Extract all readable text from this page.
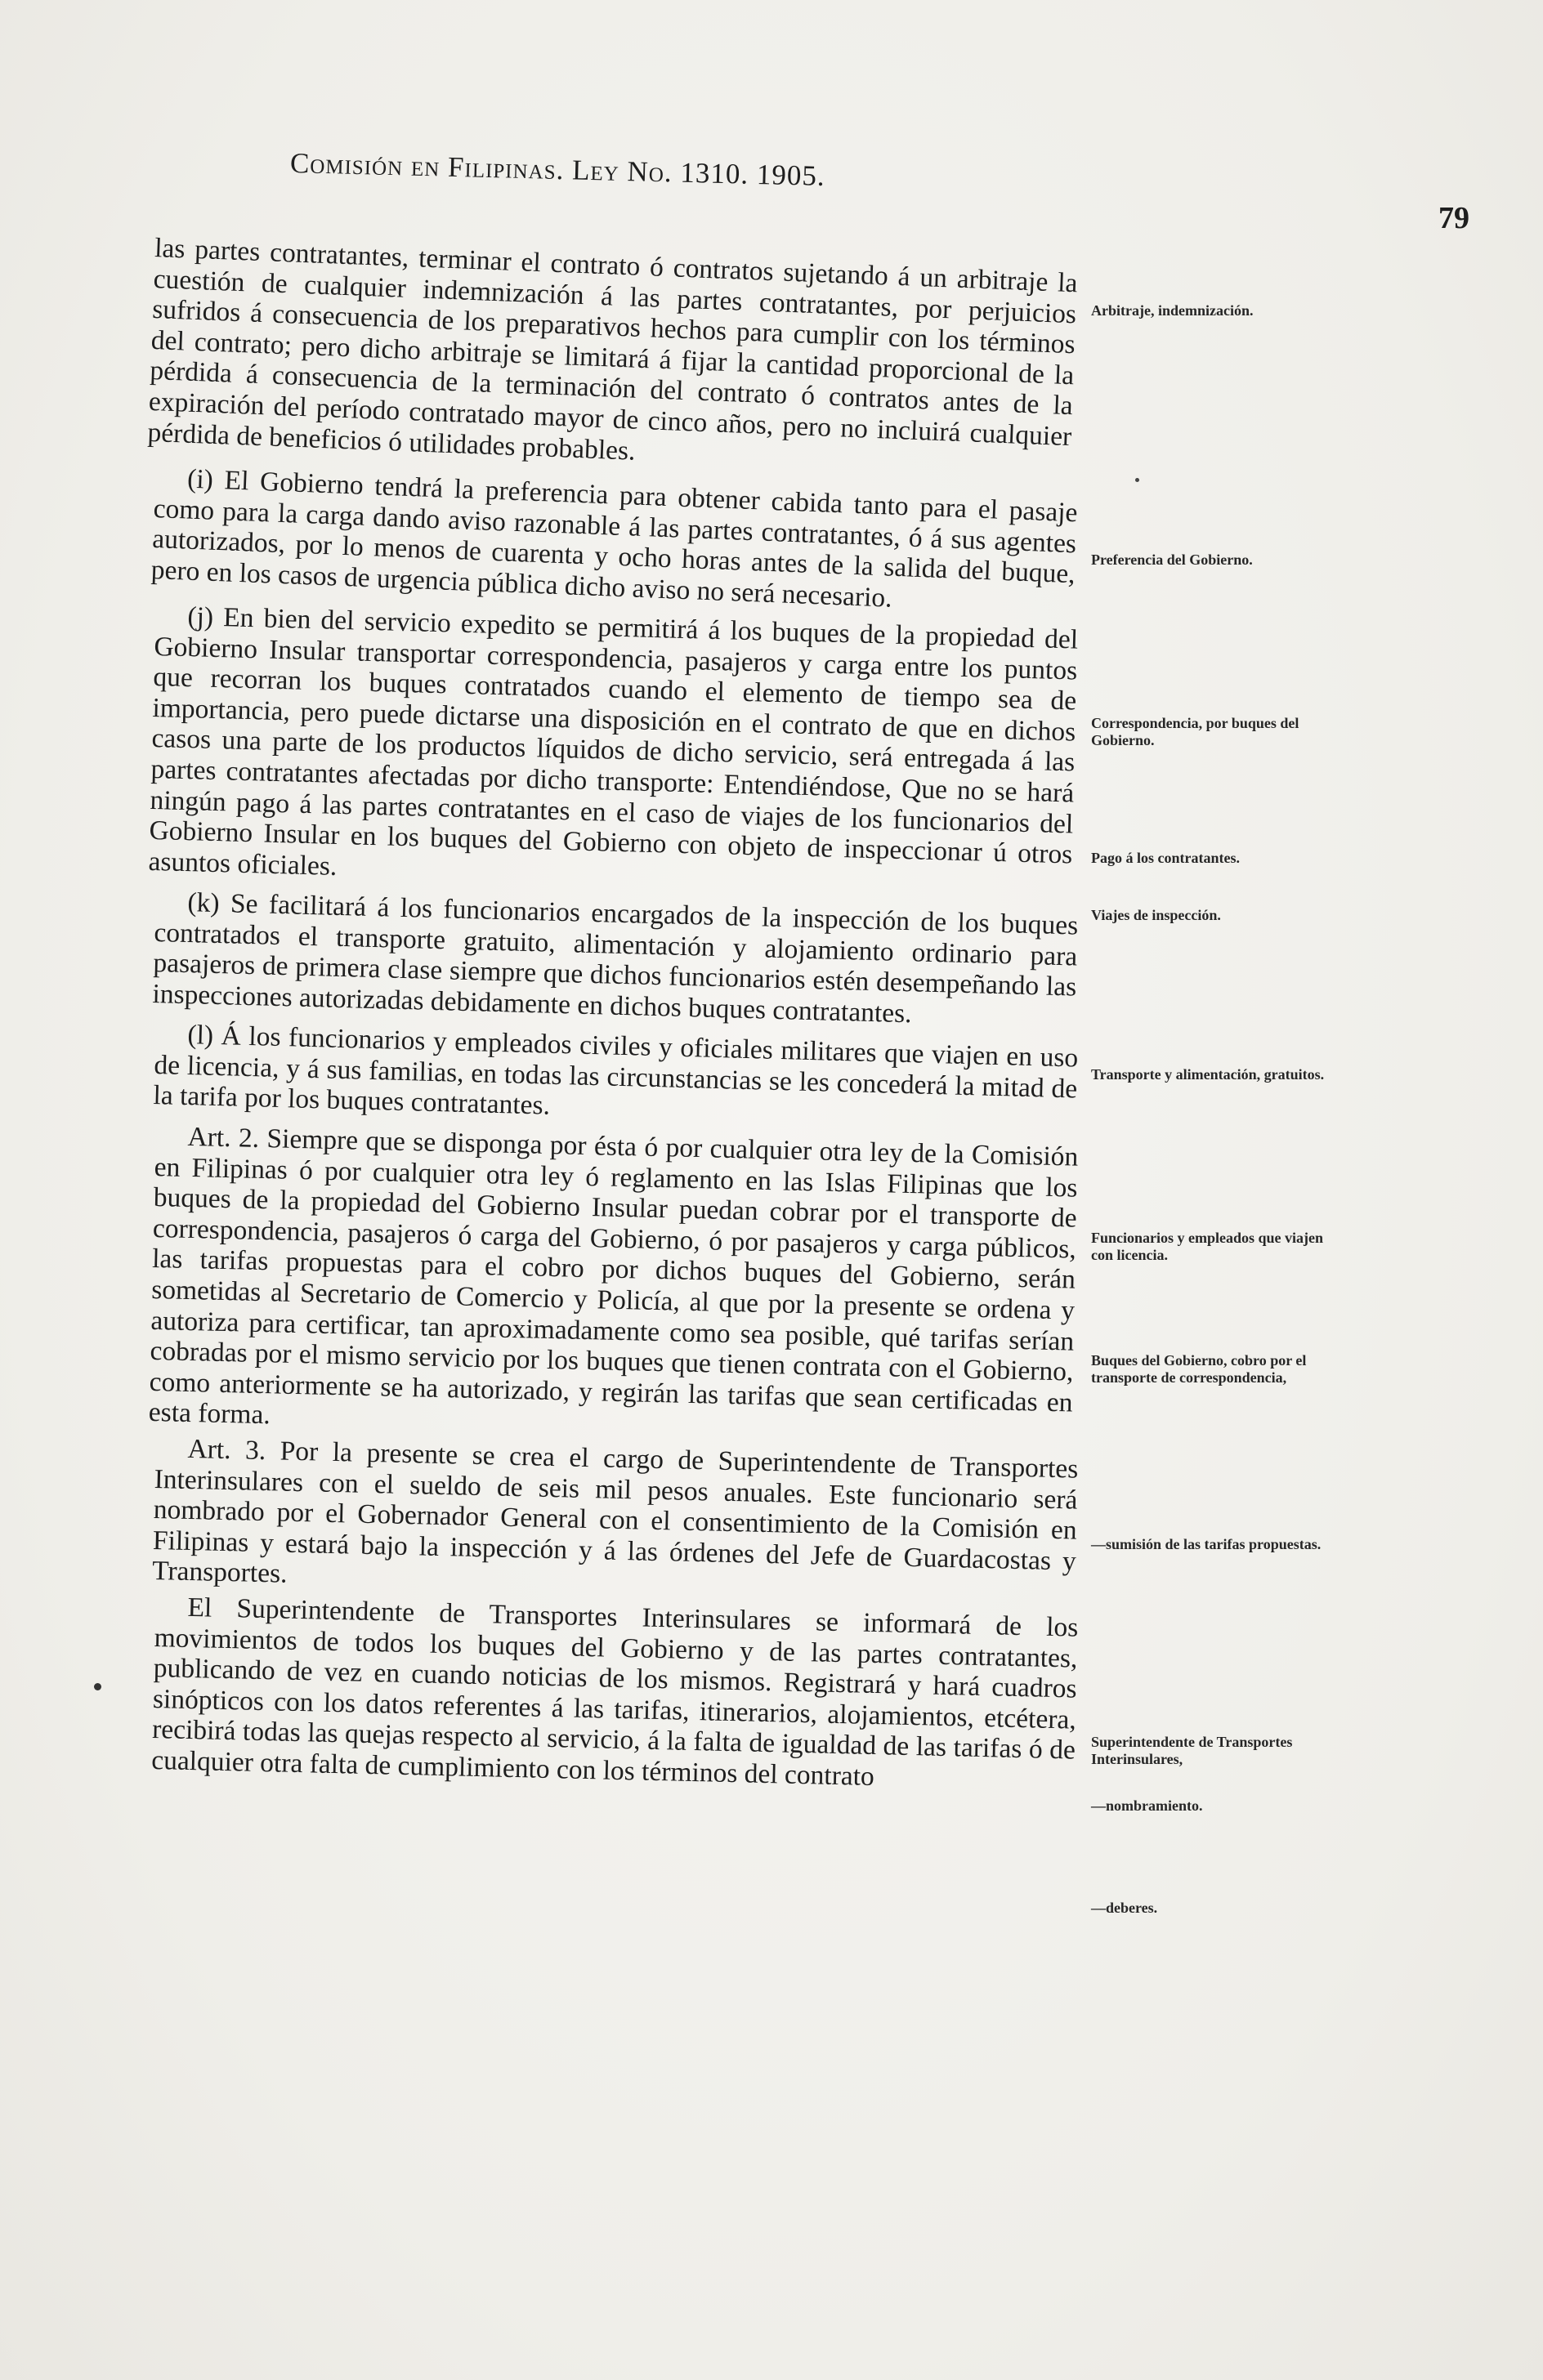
Comisión en Filipinas. Ley No. 1310. 1905.
79

las partes contratantes, terminar el contrato ó contratos sujetando á un arbitraje la cuestión de cualquier indemnización á las partes contratantes, por perjuicios sufridos á consecuencia de los preparativos hechos para cumplir con los términos del contrato; pero dicho arbitraje se limitará á fijar la cantidad proporcional de la pérdida á consecuencia de la terminación del contrato ó contratos antes de la expiración del período contratado mayor de cinco años, pero no incluirá cualquier pérdida de beneficios ó utilidades probables.

(i) El Gobierno tendrá la preferencia para obtener cabida tanto para el pasaje como para la carga dando aviso razonable á las partes contratantes, ó á sus agentes autorizados, por lo menos de cuarenta y ocho horas antes de la salida del buque, pero en los casos de urgencia pública dicho aviso no será necesario.

(j) En bien del servicio expedito se permitirá á los buques de la propiedad del Gobierno Insular transportar correspondencia, pasajeros y carga entre los puntos que recorran los buques contratados cuando el elemento de tiempo sea de importancia, pero puede dictarse una disposición en el contrato de que en dichos casos una parte de los productos líquidos de dicho servicio, será entregada á las partes contratantes afectadas por dicho transporte: Entendiéndose, Que no se hará ningún pago á las partes contratantes en el caso de viajes de los funcionarios del Gobierno Insular en los buques del Gobierno con objeto de inspeccionar ú otros asuntos oficiales.

(k) Se facilitará á los funcionarios encargados de la inspección de los buques contratados el transporte gratuito, alimentación y alojamiento ordinario para pasajeros de primera clase siempre que dichos funcionarios estén desempeñando las inspecciones autorizadas debidamente en dichos buques contratantes.

(l) Á los funcionarios y empleados civiles y oficiales militares que viajen en uso de licencia, y á sus familias, en todas las circunstancias se les concederá la mitad de la tarifa por los buques contratantes.

Art. 2. Siempre que se disponga por ésta ó por cualquier otra ley de la Comisión en Filipinas ó por cualquier otra ley ó reglamento en las Islas Filipinas que los buques de la propiedad del Gobierno Insular puedan cobrar por el transporte de correspondencia, pasajeros ó carga del Gobierno, ó por pasajeros y carga públicos, las tarifas propuestas para el cobro por dichos buques del Gobierno, serán sometidas al Secretario de Comercio y Policía, al que por la presente se ordena y autoriza para certificar, tan aproximadamente como sea posible, qué tarifas serían cobradas por el mismo servicio por los buques que tienen contrata con el Gobierno, como anteriormente se ha autorizado, y regirán las tarifas que sean certificadas en esta forma.

Art. 3. Por la presente se crea el cargo de Superintendente de Transportes Interinsulares con el sueldo de seis mil pesos anuales. Este funcionario será nombrado por el Gobernador General con el consentimiento de la Comisión en Filipinas y estará bajo la inspección y á las órdenes del Jefe de Guardacostas y Transportes.

El Superintendente de Transportes Interinsulares se informará de los movimientos de todos los buques del Gobierno y de las partes contratantes, publicando de vez en cuando noticias de los mismos. Registrará y hará cuadros sinópticos con los datos referentes á las tarifas, itinerarios, alojamientos, etcétera, recibirá todas las quejas respecto al servicio, á la falta de igualdad de las tarifas ó de cualquier otra falta de cumplimiento con los términos del contrato

Arbitraje, indemnización.
Preferencia del Gobierno.
Correspondencia, por buques del Gobierno.
Pago á los contratantes.
Viajes de inspección.
Transporte y alimentación, gratuitos.
Funcionarios y empleados que viajen con licencia.
Buques del Gobierno, cobro por el transporte de correspondencia,
—sumisión de las tarifas propuestas.
Superintendente de Transportes Interinsulares,
—nombramiento.
—deberes.
